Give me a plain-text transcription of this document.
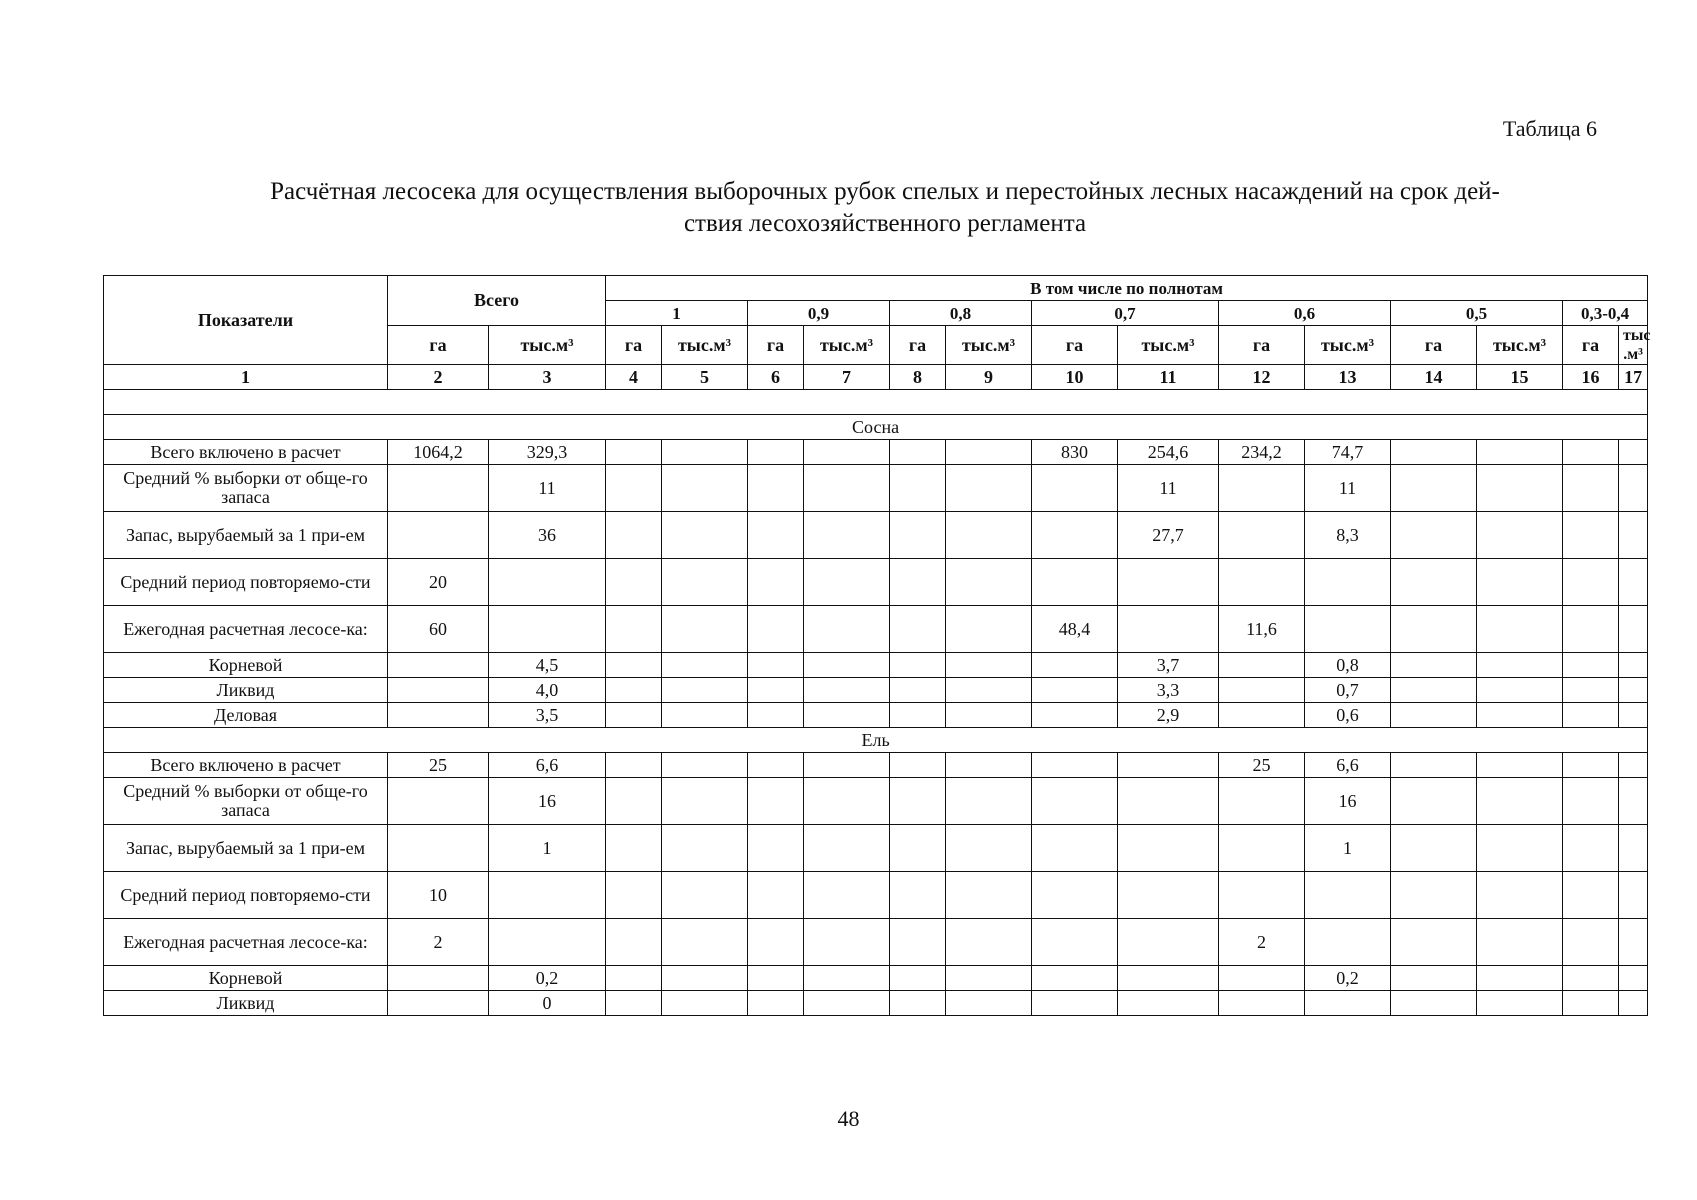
Таблица 6
Расчётная лесосека для осуществления выборочных рубок спелых и перестойных лесных насаждений на срок дей-
ствия лесохозяйственного регламента
Показатели	Всего		В том числе по полнотам													
			1		0,9		0,8		0,7		0,6		0,5		0,3-0,4	
	га	тыс.м³	га	тыс.м³	га	тыс.м³	га	тыс.м³	га	тыс.м³	га	тыс.м³	га	тыс.м³	га	тыс .м³
1	2	3	4	5	6	7	8	9	10	11	12	13	14	15	16	17

Сосна																
Всего включено в расчет	1064,2	329,3							830	254,6	234,2	74,7				
Средний % выборки от обще-го запаса		11								11		11				
Запас, вырубаемый за 1 при-ем		36								27,7		8,3				
Средний период повторяемо-сти	20															
Ежегодная расчетная лесосе-ка:	60								48,4		11,6					
Корневой		4,5								3,7		0,8				
Ликвид		4,0								3,3		0,7				
Деловая		3,5								2,9		0,6				
Ель																
Всего включено в расчет	25	6,6									25	6,6				
Средний % выборки от обще-го запаса		16										16				
Запас, вырубаемый за 1 при-ем		1										1				
Средний период повторяемо-сти	10															
Ежегодная расчетная лесосе-ка:	2										2					
Корневой		0,2										0,2				
Ликвид		0														
48
